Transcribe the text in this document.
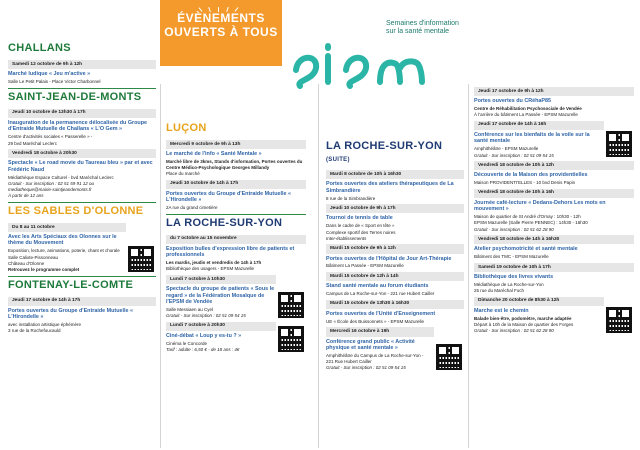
ÉVÈNEMENTS
OUVERTS À TOUS
Semaines d'information
sur la santé mentale
sism
CHALLANS
Samedi 12 octobre de 9h à 12h
Marché ludique « Jeu m'active »
Salle Le Petit Palais - Place Victor Charbonnel
SAINT-JEAN-DE-MONTS
Jeudi 10 octobre de 13h30 à 17h
Inauguration de la permanence délocalisée du Groupe d'Entraide Mutuelle de Challans « L'O Gem »
Centre d'activités sociales « Passerelle » -
29 bvd Maréchal Leclerc
Vendredi 18 octobre à 20h30
Spectacle « Le road movie du Taureau bleu » par et avec Frédéric Naud
Médiathèque Espace Culturel - bvd Maréchal Leclerc
Gratuit - Sur inscription : 02 51 59 91 12 ou
mediatheque@mairie-saintjeandemonts.fr
À partir de 12 ans
LES SABLES D'OLONNE
Du 8 au 11 octobre
Avec les Arts Spéciaux des Olonnes sur le thème du Mouvement
Exposition, lecture, animations, poterie, chant et chorale
Salle Calixte-Pissonneau
Château d'Olonne
Retrouvez le programme complet
FONTENAY-LE-COMTE
Jeudi 17 octobre de 14h à 17h
Portes ouvertes du Groupe d'Entraide Mutuelle « L'Hirondelle »
avec installation artistique éphémère
3 rue de la Rochefoucauld
LUÇON
Mercredi 9 octobre de 9h à 13h
Le marché de l'info « Santé Mentale »
Marché libre de 3kms, Stands d'information, Portes ouvertes du Centre Médico-Psychologique Georges Millandy
Place du marché
Jeudi 10 octobre de 14h à 17h
Portes ouvertes du Groupe d'Entraide Mutuelle « L'Hirondelle »
2A rue du grand cimetière
LA ROCHE-SUR-YON
du 7 octobre au 15 novembre
Exposition bulles d'expression libre de patients et professionnels
Les mardis, jeudis et vendredis de 14h à 17h
Bibliothèque des usagers - EPSM Mazurelle
Lundi 7 octobre à 10h30
Spectacle du groupe de patients « Sous le regard » de la Fédération Mosaïque de l'EPSM de Vendée
Salle Messiaen au Cyel
Gratuit - Sur inscription : 02 51 09 54 15
Lundi 7 octobre à 20h30
Ciné-débat « Loup y es-tu ? »
Cinéma le Concorde
Tarif : adulte : 6,50 € - de 18 ans : 4€
LA ROCHE-SUR-YON (SUITE)
Mardi 8 octobre de 10h à 16h30
Portes ouvertes des ateliers thérapeutiques de La Simbrandière
8 rue de la Simbrandière
Jeudi 10 octobre de 9h à 17h
Tournoi de tennis de table
Dans le cadre de « Sport en tête »
Complexe sportif des Terres noires
Inter-établissements
Mardi 15 octobre de 9h à 12h
Portes ouvertes de l'Hôpital de Jour Art-Thérapie
Bâtiment La Passée - EPSM Mazurelle
Mardi 15 octobre de 12h à 14h
Stand santé mentale au forum étudiants
Campus de La Roche-sur-Yon - 221 rue Hubert Cailler
Mardi 15 octobre de 13h30 à 16h30
Portes ouvertes de l'Unité d'Enseignement
UE « École des Buissonnets » - EPSM Mazurelle
Mercredi 16 octobre à 19h
Conférence grand public « Activité physique et santé mentale »
Amphithéâtre du Campus de La Roche-sur-Yon -
221 Rue Hubert Cailler
Gratuit - Sur inscription : 02 51 09 54 15
Jeudi 17 octobre de 9h à 12h
Portes ouvertes du CRéhaP85
Centre de Réhabilitation Psychosociale de Vendée
À l'arrière du bâtiment La Passée - EPSM Mazurelle
Jeudi 17 octobre de 14h à 16h
Conférence sur les bienfaits de la voile sur la santé mentale
Amphithéâtre - EPSM Mazurelle
Gratuit - Sur inscription : 02 51 09 54 15
Vendredi 18 octobre de 10h à 12h
Découverte de la Maison des providentielles
Maison PROVIDENTI'ELLES - 10 bvd Denis Papin
Vendredi 18 octobre de 10h à 16h
Journée café-lecture « Dedans-Dehors Les mots en mouvement »
Maison de quartier de St André d'Ornay : 10h30 - 12h
EPSM Mazurelle (Salle Pierre PENNEC) : 14h30 - 16h30
Gratuit - Sur inscription : 02 51 62 28 90
Vendredi 18 octobre de 14h à 16h30
Atelier psychomotricité et santé mentale
Bâtiment des TMC - EPSM Mazurelle
Samedi 19 octobre de 10h à 17h
Bibliothèque des livres vivants
Médiathèque de La Roche-sur-Yon
25 rue du Maréchal Foch
Dimanche 20 octobre de 8h30 à 12h
Marche est le chemin
Balade bien-être, podomètre, marche adaptée
Départ à 10h de la Maison de quartier des Forges
Gratuit - Sur inscription : 02 51 62 28 90
